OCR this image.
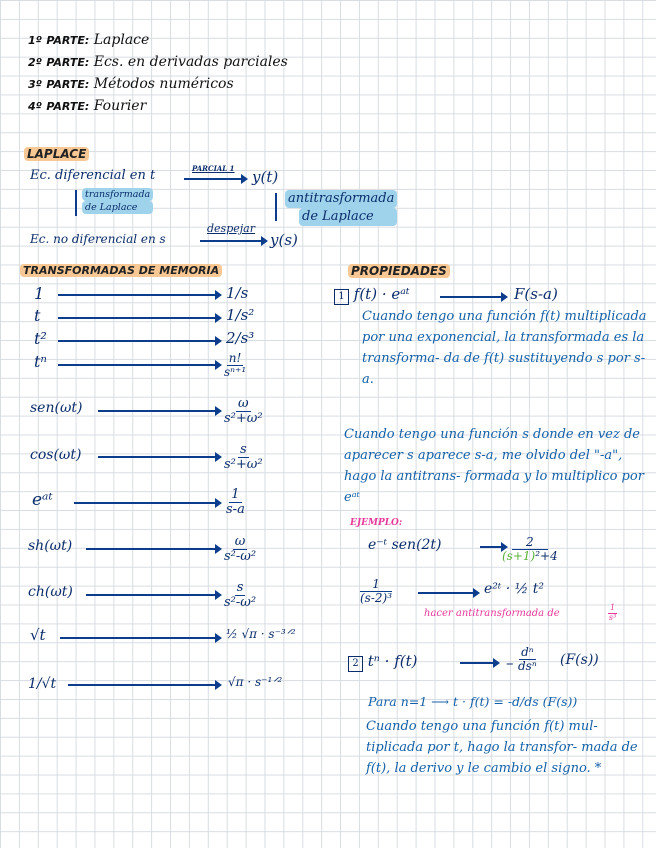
1º PARTE: Laplace
2º PARTE: Ecs. en derivadas parciales
3º PARTE: Métodos numéricos
4º PARTE: Fourier
LAPLACE
Ec. diferencial en t	PARCIAL 1 y(t)
transformada
de Laplace
antitrasformada
de Laplace
Ec. no diferencial en s
despejar
y(s)
TRANSFORMADAS DE MEMORIA
1	1/s
t	1/s²
t²	2/s³
tⁿ	$\frac{n!}{\text{sⁿ⁺¹}}$
sen(ωt)	$\frac{\omega}{\text{s²+ω²}}$
cos(ωt)	$\frac{s}{\text{s²+ω²}}$
eᵃᵗ	$\frac{1}{s-a}$
sh(ωt)	$\frac{\omega}{\text{s²-ω²}}$
ch(ωt)	$\frac{s}{\text{s²-ω²}}$
√t	½ √π · s⁻³ᐟ²
1/√t	√π · s⁻¹ᐟ²
PROPIEDADES
1 f(t) · eᵃᵗ	F(s-a)
Cuando tengo una función f(t) multiplicada por una exponencial, la transformada es la transforma- da de f(t) sustituyendo s por s-a.
Cuando tengo una función s donde en vez de aparecer s aparece s-a, me olvido del "-a", hago la antitrans- formada y lo multiplico por eᵃᵗ
EJEMPLO:
e⁻ᵗ sen(2t)	$\frac{2}{\text{(s+1)²+4}}$
$\frac{1}{\text{(s-2)³}}$	e²ᵗ · ½ t²
hacer antitransformada de	$\frac{1}{\text{s³}}$
2 tⁿ · f(t)	–
dⁿ
dsⁿ (F(s))
Para n=1 ⟶ t · f(t) = -d/ds (F(s))
Cuando tengo una función f(t) mul- tiplicada por t, hago la transfor- mada de f(t), la derivo y le cambio el signo. *
